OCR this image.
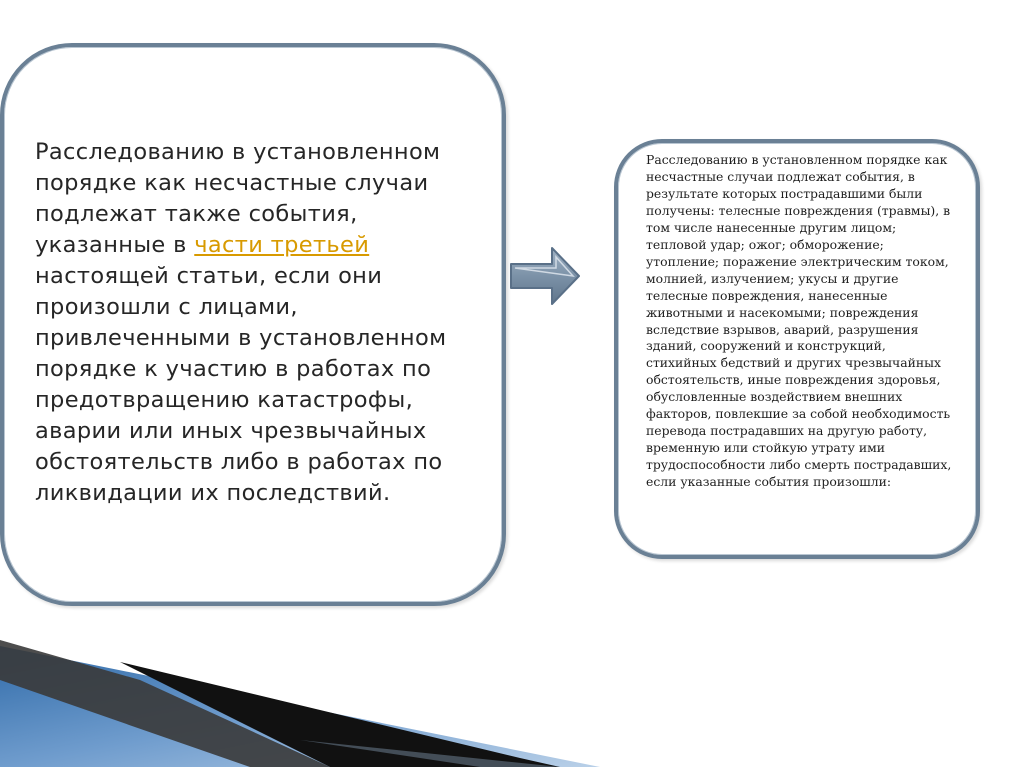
Расследованию в установленном порядке как несчастные случаи подлежат также события, указанные в части третьей настоящей статьи, если они произошли с лицами, привлеченными в установленном порядке к участию в работах по предотвращению катастрофы, аварии или иных чрезвычайных обстоятельств либо в работах по ликвидации их последствий.

Расследованию в установленном порядке как несчастные случаи подлежат события, в результате которых пострадавшими были получены: телесные повреждения (травмы), в том числе нанесенные другим лицом; тепловой удар; ожог; обморожение; утопление; поражение электрическим током, молнией, излучением; укусы и другие телесные повреждения, нанесенные животными и насекомыми; повреждения вследствие взрывов, аварий, разрушения зданий, сооружений и конструкций, стихийных бедствий и других чрезвычайных обстоятельств, иные повреждения здоровья, обусловленные воздействием внешних факторов, повлекшие за собой необходимость перевода пострадавших на другую работу, временную или стойкую утрату ими трудоспособности либо смерть пострадавших, если указанные события произошли:
